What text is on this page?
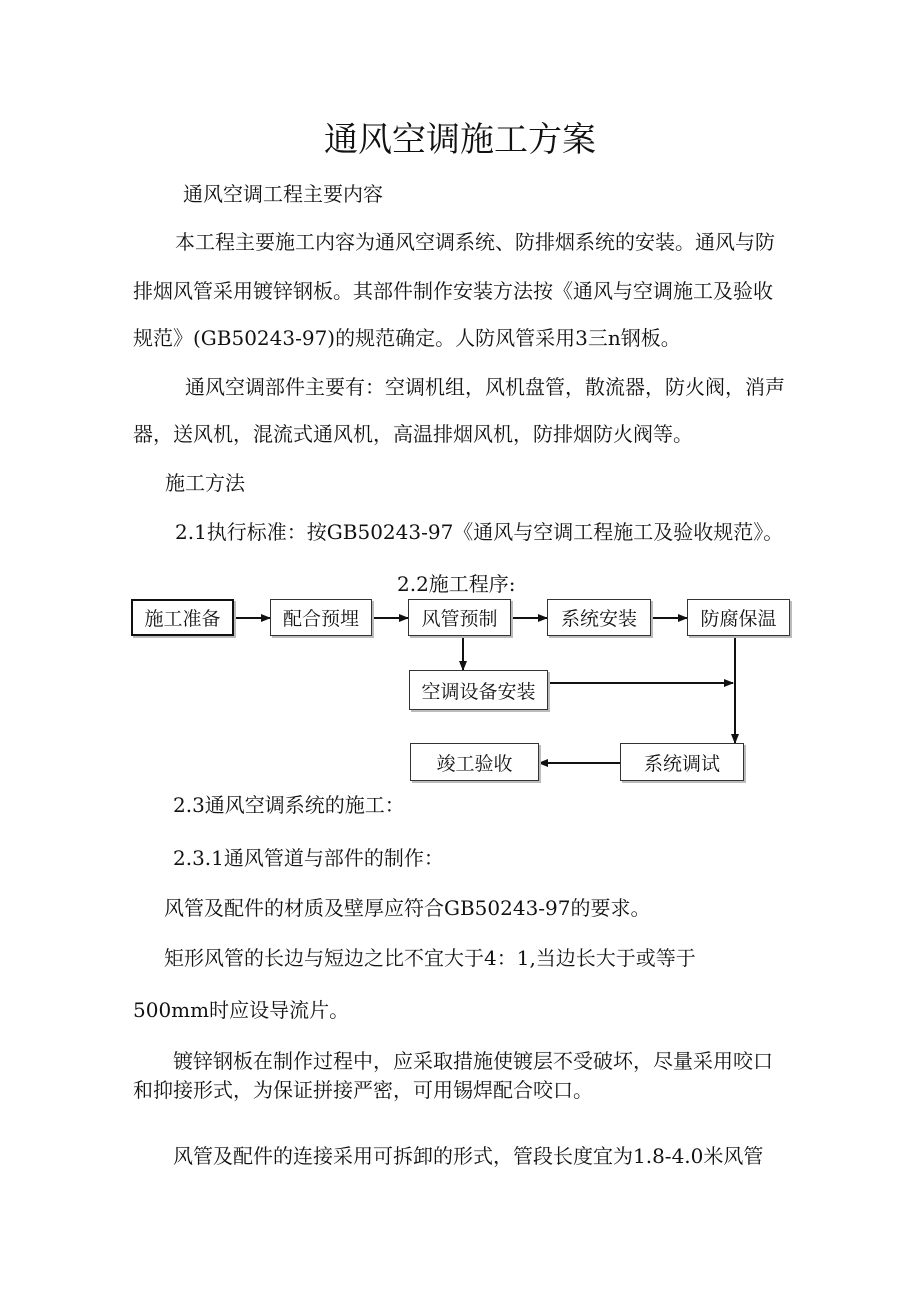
通风空调施工方案
通风空调工程主要内容
本工程主要施工内容为通风空调系统、防排烟系统的安装。通风与防
排烟风管采用镀锌钢板。其部件制作安装方法按《通风与空调施工及验收
规范》(GB50243-97)的规范确定。人防风管采用3三n钢板。
通风空调部件主要有：空调机组，风机盘管，散流器，防火阀，消声
器，送风机，混流式通风机，高温排烟风机，防排烟防火阀等。
施工方法
2.1执行标准：按GB50243-97《通风与空调工程施工及验收规范》。
2.2施工程序:
施工准备	配合预埋	风管预制	系统安装	防腐保温
空调设备安装
系统调试
竣工验收
2.3通风空调系统的施工：
2.3.1通风管道与部件的制作：
风管及配件的材质及壁厚应符合GB50243-97的要求。
矩形风管的长边与短边之比不宜大于4：1,当边长大于或等于
500mm时应设导流片。
镀锌钢板在制作过程中，应采取措施使镀层不受破坏，尽量采用咬口
和抑接形式，为保证拼接严密，可用锡焊配合咬口。
风管及配件的连接采用可拆卸的形式，管段长度宜为1.8-4.0米风管
